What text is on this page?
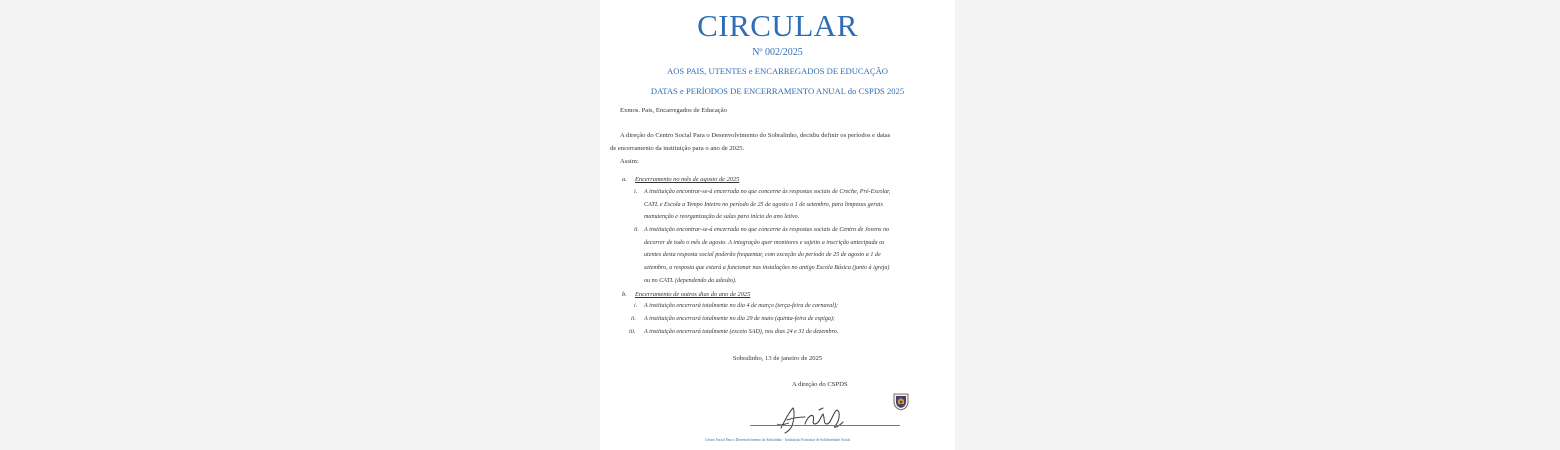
CIRCULAR
Nº 002/2025
AOS PAIS, UTENTES e ENCARREGADOS DE EDUCAÇÃO
DATAS e PERÍODOS DE ENCERRAMENTO ANUAL do CSPDS 2025
Exmos. Pais, Encarregados de Educação
A direção do Centro Social Para o Desenvolvimento do Sobralinho, decidiu definir os períodos e datas
de encerramento da instituição para o ano de 2025.
Assim:
a. Encerramento no mês de agosto de 2025
i. A instituição encontrar-se-á encerrada no que concerne às respostas sociais de Creche, Pré-Escolar,
CATL e Escola a Tempo Inteiro no período de 25 de agosto a 1 de setembro, para limpezas gerais
manutenção e reorganização de salas para início do ano letivo.
ii. A instituição encontrar-se-á encerrada no que concerne às respostas sociais de Centro de Jovens no
decorrer de todo o mês de agosto. A integração quer monitores e sujeito a inscrição antecipada os
utentes desta resposta social poderão frequentar, com exceção do período de 25 de agosto a 1 de
setembro, a resposta que estará a funcionar nas instalações no antigo Escola Básica (junto à igreja)
ou no CATL (dependendo da adesão).
b. Encerramento de outros dias do ano de 2025
i. A instituição encerrará totalmente no dia 4 de março (terça-feira de carnaval);
ii. A instituição encerrará totalmente no dia 29 de maio (quinta-feira de espiga);
iii. A instituição encerrará totalmente (exceto SAD), nos dias 24 e 31 de dezembro.
Sobralinho, 13 de janeiro de 2025
A direção do CSPDS
Centro Social Para o Desenvolvimento do Sobralinho · Instituição Particular de Solidariedade Social
